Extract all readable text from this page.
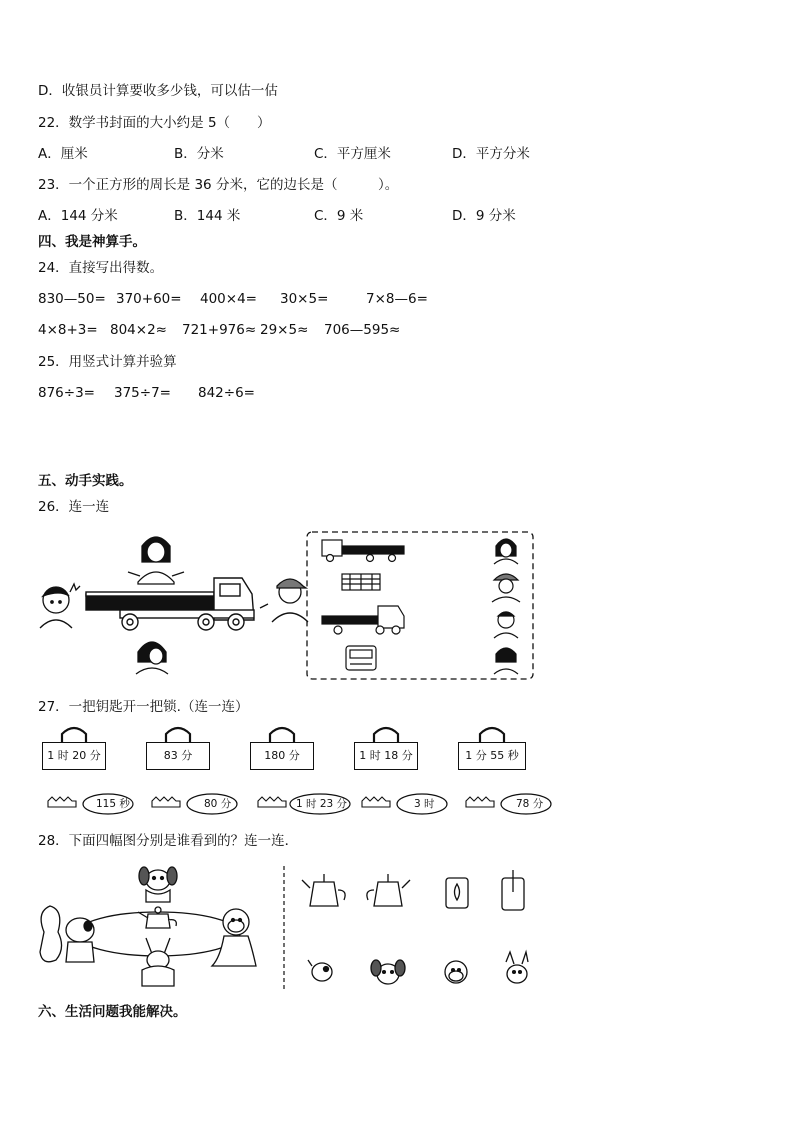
D．收银员计算要收多少钱，可以估一估
22．数学书封面的大小约是 5（　　）
A．厘米	B．分米	C．平方厘米	D．平方分米
23．一个正方形的周长是 36 分米，它的边长是（　　　）。
A．144 分米	B．144 米	C．9 米	D．9 分米
四、我是神算手。
24．直接写出得数。
830—50= 370+60= 400×4= 30×5=	7×8—6=
4×8+3= 804×2≈ 721+976≈ 29×5≈ 706—595≈
25．用竖式计算并验算
876÷3= 375÷7= 842÷6=
五、动手实践。
26．连一连
27．一把钥匙开一把锁.（连一连）
1 时 20 分	83 分	180 分	1 时 18 分	1 分 55 秒
115 秒	80 分	1 时 23 分	3 时	78 分
28．下面四幅图分别是谁看到的？连一连．
六、生活问题我能解决。
